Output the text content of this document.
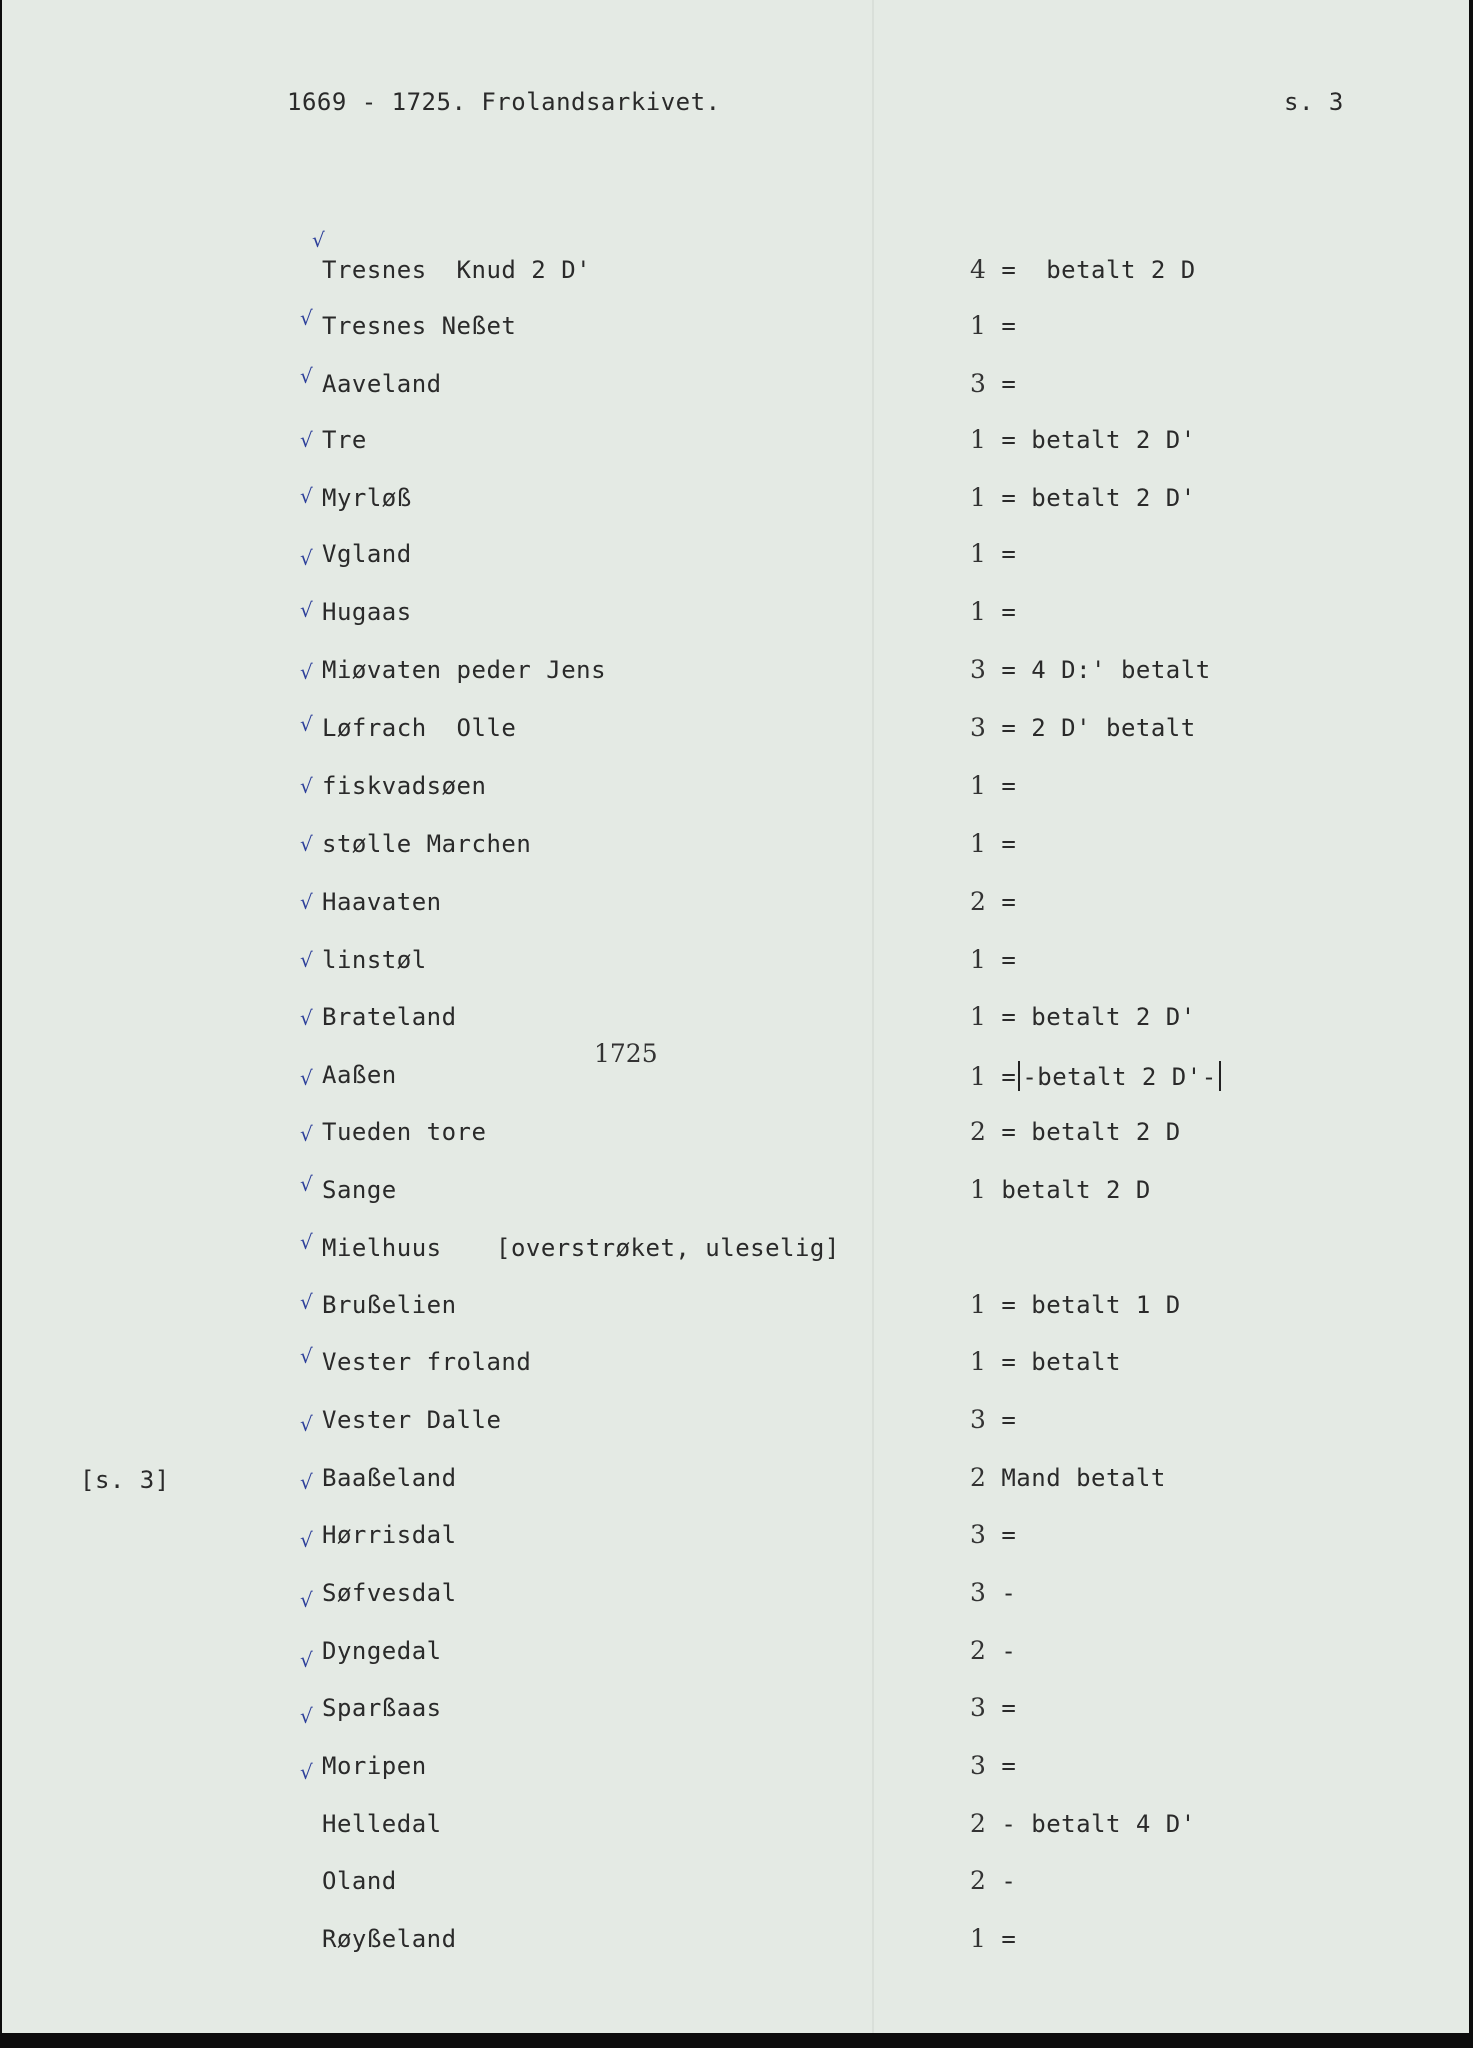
1669 - 1725. Frolandsarkivet.	s. 3
[s. 3]
1725
√
Tresnes  Knud 2 D'	4 =  betalt 2 D
√ Tresnes Neßet	1 =
√ Aaveland	3 =
√ Tre	1 = betalt 2 D'
√ Myrløß	1 = betalt 2 D'
√ Vgland	1 =
√ Hugaas	1 =
√ Miøvaten peder Jens	3 = 4 D:' betalt
√ Løfrach  Olle	3 = 2 D' betalt
√ fiskvadsøen	1 =
√ stølle Marchen	1 =
√ Haavaten	2 =
√ linstøl	1 =
√ Brateland	1 = betalt 2 D'
√ Aaßen	1 = -betalt 2 D'-
√ Tueden tore	2 = betalt 2 D
√ Sange	1 betalt 2 D
√ Mielhuus [overstrøket, uleselig]
√ Brußelien	1 = betalt 1 D
√ Vester froland	1 = betalt
√ Vester Dalle	3 =
√ Baaßeland	2 Mand betalt
√ Hørrisdal	3 =
√ Søfvesdal	3 -
√ Dyngedal	2 -
√ Sparßaas	3 =
√ Moripen	3 =
Helledal	2 - betalt 4 D'
Oland	2 -
Røyßeland	1 =
